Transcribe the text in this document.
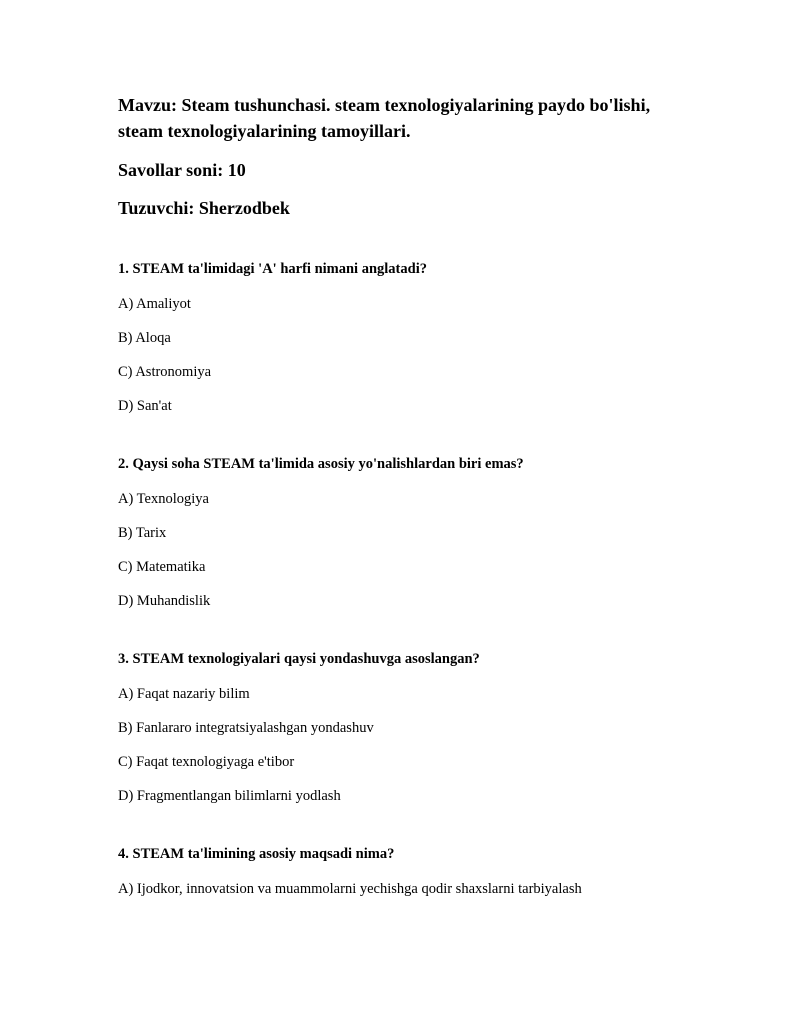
Mavzu: Steam tushunchasi. steam texnologiyalarining paydo bo'lishi,

steam texnologiyalarining tamoyillari.

Savollar soni: 10

Tuzuvchi: Sherzodbek

1. STEAM ta'limidagi 'A' harfi nimani anglatadi?

A) Amaliyot

B) Aloqa

C) Astronomiya

D) San'at

2. Qaysi soha STEAM ta'limida asosiy yo'nalishlardan biri emas?

A) Texnologiya

B) Tarix

C) Matematika

D) Muhandislik

3. STEAM texnologiyalari qaysi yondashuvga asoslangan?

A) Faqat nazariy bilim

B) Fanlararo integratsiyalashgan yondashuv

C) Faqat texnologiyaga e'tibor

D) Fragmentlangan bilimlarni yodlash

4. STEAM ta'limining asosiy maqsadi nima?

A) Ijodkor, innovatsion va muammolarni yechishga qodir shaxslarni tarbiyalash
